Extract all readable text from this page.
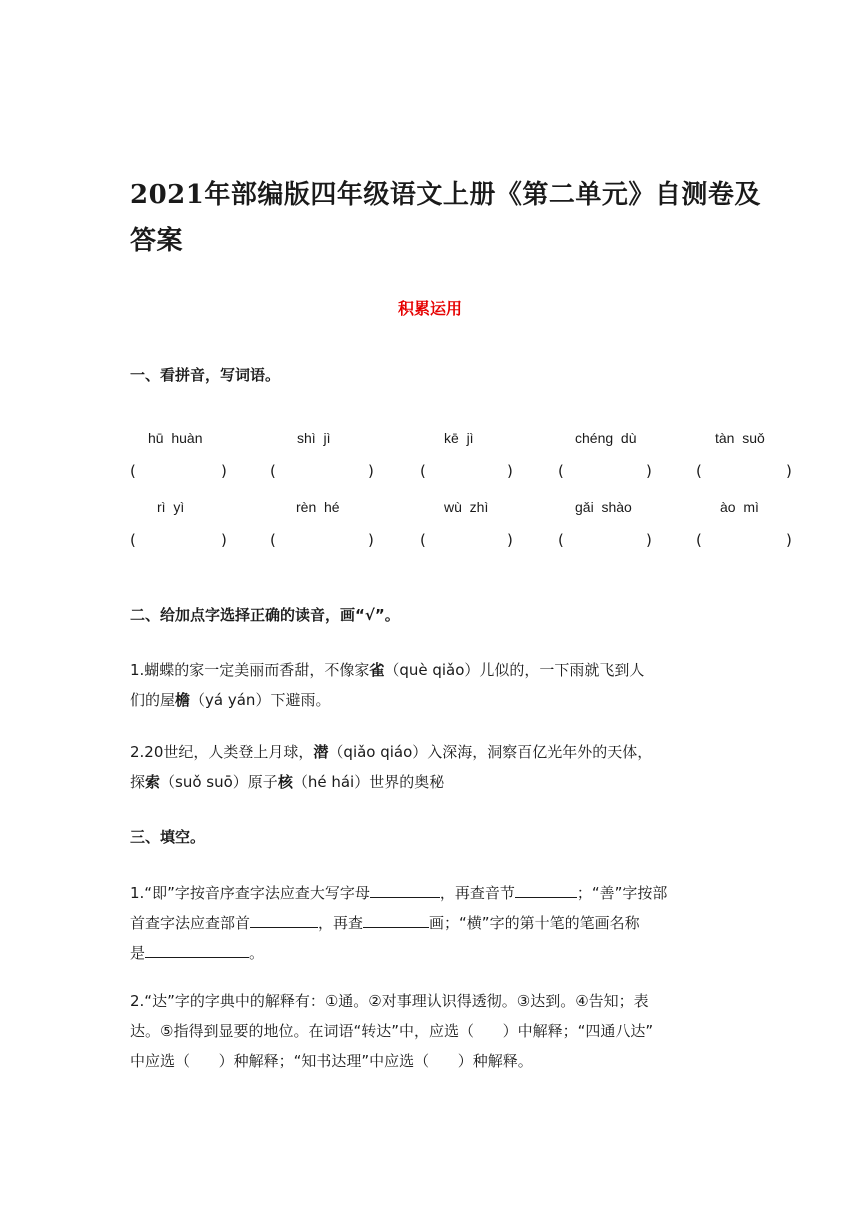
2021年部编版四年级语文上册《第二单元》自测卷及答案
积累运用
一、看拼音，写词语。
hū  huàn	shì  jì	kē  jì	chéng  dù	tàn  suǒ
(	)	(	)	(	)	(	)	(	)
rì  yì	rèn  hé	wù  zhì	gǎi  shào	ào  mì
(	)	(	)	(	)	(	)	(	)
二、给加点字选择正确的读音，画“√”。
1.蝴蝶的家一定美丽而香甜，不像家雀（què qiǎo）儿似的，一下雨就飞到人
们的屋檐（yá yán）下避雨。
2.20世纪，人类登上月球，潜（qiǎo qiáo）入深海，洞察百亿光年外的天体，
探索（suǒ suō）原子核（hé hái）世界的奥秘
三、填空。
1.“即”字按音序查字法应查大写字母	，再查音节	；“善”字按部
首查字法应查部首	，再查	画；“横”字的第十笔的笔画名称
是	。
2.“达”字的字典中的解释有：①通。②对事理认识得透彻。③达到。④告知；表
达。⑤指得到显要的地位。在词语“转达”中，应选（      ）中解释；“四通八达”
中应选（      ）种解释；“知书达理”中应选（      ）种解释。
